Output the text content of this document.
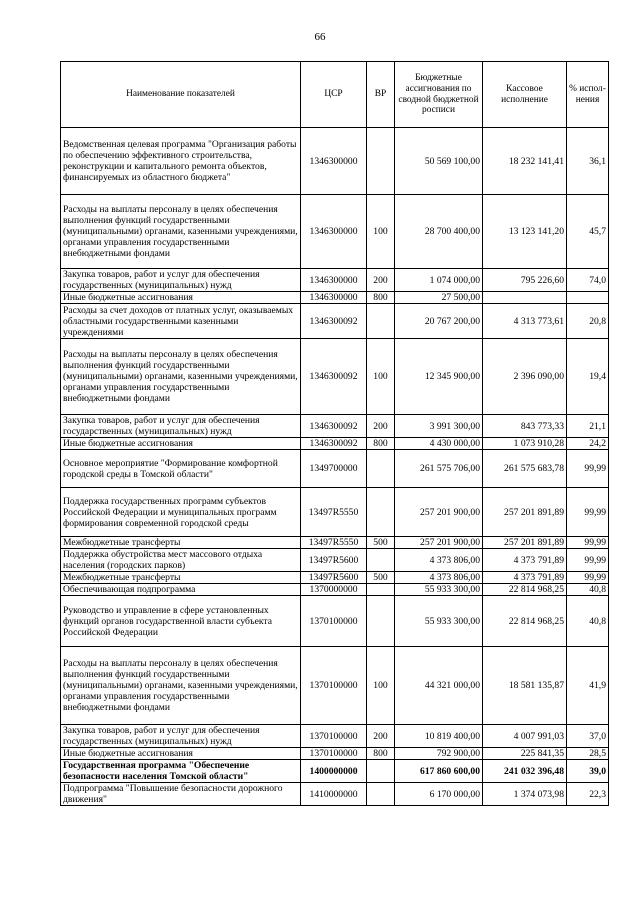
66
Наименование показателей	ЦСР	ВР	Бюджетные ассигнования по сводной бюджетной росписи	Кассовое исполнение	% испол-нения
Ведомственная целевая программа "Организация работы по обеспечению эффективного строительства, реконструкции и капитального ремонта объектов, финансируемых из областного бюджета"	1346300000		50 569 100,00	18 232 141,41	36,1
Расходы на выплаты персоналу в целях обеспечения выполнения функций государственными (муниципальными) органами, казенными учреждениями, органами управления государственными внебюджетными фондами	1346300000	100	28 700 400,00	13 123 141,20	45,7
Закупка товаров, работ и услуг для обеспечения государственных (муниципальных) нужд	1346300000	200	1 074 000,00	795 226,60	74,0
Иные бюджетные ассигнования	1346300000	800	27 500,00		
Расходы за счет доходов от платных услуг, оказываемых областными государственными казенными учреждениями	1346300092		20 767 200,00	4 313 773,61	20,8
Расходы на выплаты персоналу в целях обеспечения выполнения функций государственными (муниципальными) органами, казенными учреждениями, органами управления государственными внебюджетными фондами	1346300092	100	12 345 900,00	2 396 090,00	19,4
Закупка товаров, работ и услуг для обеспечения государственных (муниципальных) нужд	1346300092	200	3 991 300,00	843 773,33	21,1
Иные бюджетные ассигнования	1346300092	800	4 430 000,00	1 073 910,28	24,2
Основное мероприятие "Формирование комфортной городской среды в Томской области"	1349700000		261 575 706,00	261 575 683,78	99,99
Поддержка государственных программ субъектов Российской Федерации и муниципальных программ формирования современной городской среды	13497R5550		257 201 900,00	257 201 891,89	99,99
Межбюджетные трансферты	13497R5550	500	257 201 900,00	257 201 891,89	99,99
Поддержка обустройства мест массового отдыха населения (городских парков)	13497R5600		4 373 806,00	4 373 791,89	99,99
Межбюджетные трансферты	13497R5600	500	4 373 806,00	4 373 791,89	99,99
Обеспечивающая подпрограмма	1370000000		55 933 300,00	22 814 968,25	40,8
Руководство и управление в сфере установленных функций органов государственной власти субъекта Российской Федерации	1370100000		55 933 300,00	22 814 968,25	40,8
Расходы на выплаты персоналу в целях обеспечения выполнения функций государственными (муниципальными) органами, казенными учреждениями, органами управления государственными внебюджетными фондами	1370100000	100	44 321 000,00	18 581 135,87	41,9
Закупка товаров, работ и услуг для обеспечения государственных (муниципальных) нужд	1370100000	200	10 819 400,00	4 007 991,03	37,0
Иные бюджетные ассигнования	1370100000	800	792 900,00	225 841,35	28,5
Государственная программа "Обеспечение безопасности населения Томской области"	1400000000		617 860 600,00	241 032 396,48	39,0
Подпрограмма "Повышение безопасности дорожного движения"	1410000000		6 170 000,00	1 374 073,98	22,3
